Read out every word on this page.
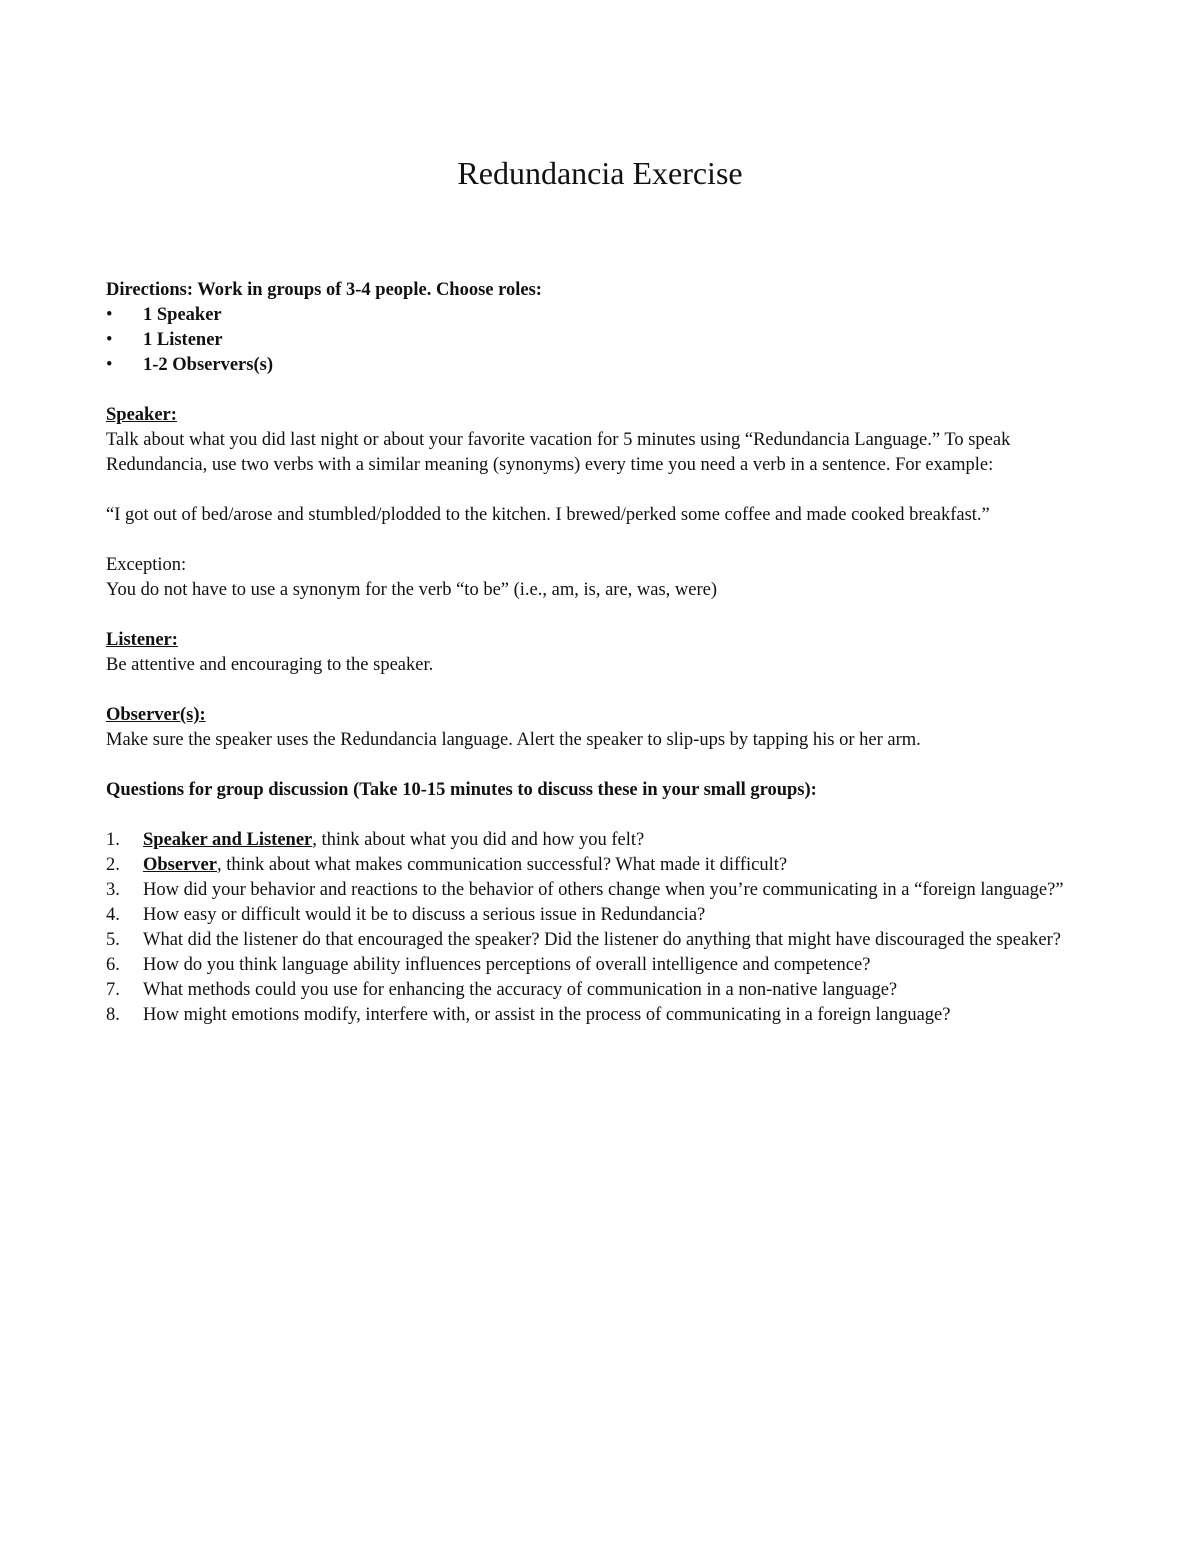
Redundancia Exercise

Directions: Work in groups of 3-4 people. Choose roles:

• 1 Speaker
• 1 Listener
• 1-2 Observers(s)

Speaker:

Talk about what you did last night or about your favorite vacation for 5 minutes using “Redundancia Language.” To speak Redundancia, use two verbs with a similar meaning (synonyms) every time you need a verb in a sentence. For example:

“I got out of bed/arose and stumbled/plodded to the kitchen. I brewed/perked some coffee and made cooked breakfast.”

Exception:

You do not have to use a synonym for the verb “to be” (i.e., am, is, are, was, were)

Listener:

Be attentive and encouraging to the speaker.

Observer(s):

Make sure the speaker uses the Redundancia language. Alert the speaker to slip-ups by tapping his or her arm.

Questions for group discussion (Take 10-15 minutes to discuss these in your small groups):

1. Speaker and Listener, think about what you did and how you felt?
2. Observer, think about what makes communication successful? What made it difficult?
3. How did your behavior and reactions to the behavior of others change when you’re communicating in a “foreign language?”
4. How easy or difficult would it be to discuss a serious issue in Redundancia?
5. What did the listener do that encouraged the speaker? Did the listener do anything that might have discouraged the speaker?
6. How do you think language ability influences perceptions of overall intelligence and competence?
7. What methods could you use for enhancing the accuracy of communication in a non-native language?
8. How might emotions modify, interfere with, or assist in the process of communicating in a foreign language?
